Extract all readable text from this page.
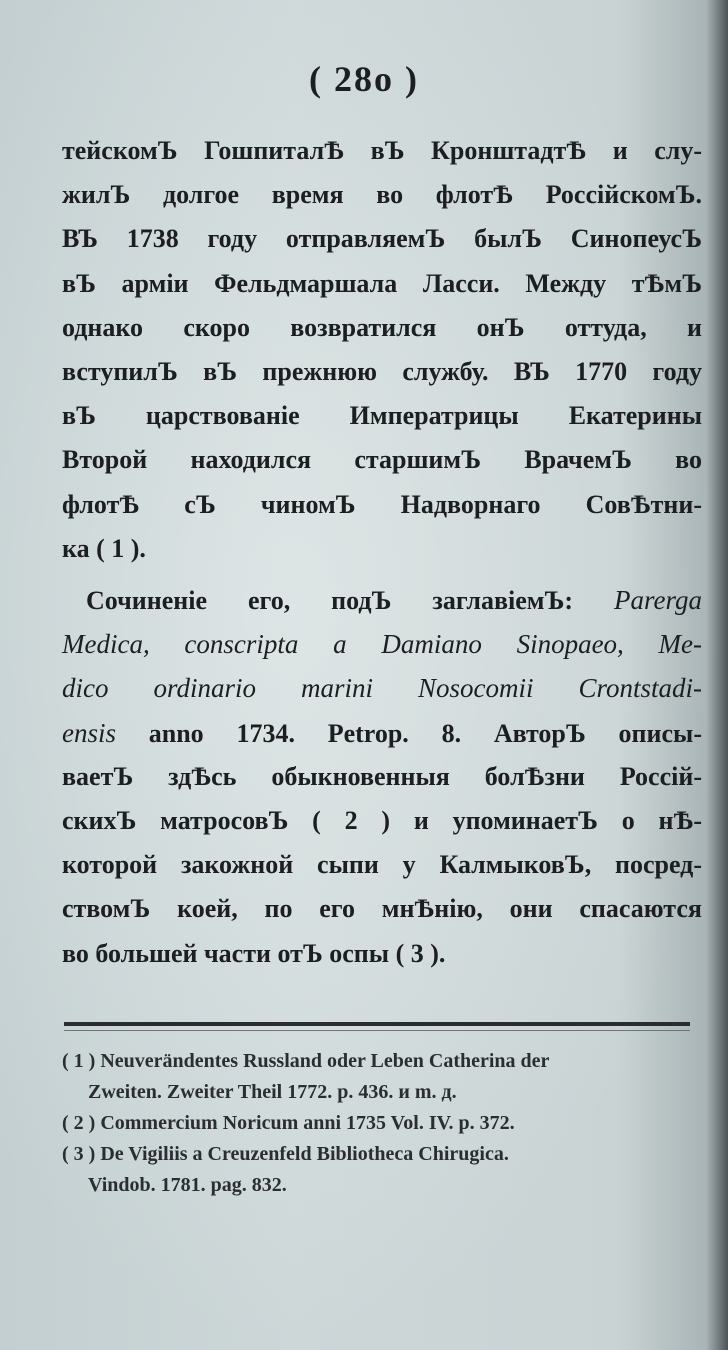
( 28о )
тейскомЪ ГошпиталѢ вЪ КронштадтѢ и слу-
жилЪ долгое время во флотѢ РоссійскомЪ.
ВЪ 1738 году отправляемЪ былЪ СинопеусЪ
вЪ арміи Фельдмаршала Ласси. Между тѢмЪ
однако скоро возвратился онЪ оттуда, и
вступилЪ вЪ прежнюю службу. ВЪ 1770 году
вЪ царствованіе Императрицы Екатерины
Второй находился старшимЪ ВрачемЪ во
флотѢ сЪ чиномЪ Надворнаго СовѢтни-
ка ( 1 ).
Сочиненіе его, подЪ заглавіемЪ: Parerga
Medica, conscripta a Damiano Sinopaeo, Me-
dico ordinario marini Nosocomii Crontstadi-
ensis anno 1734. Petrop. 8. АвторЪ описы-
ваетЪ здѢсь обыкновенныя болѢзни Россій-
скихЪ матросовЪ ( 2 ) и упоминаетЪ о нѢ-
которой закожной сыпи у КалмыковЪ, посред-
ствомЪ коей, по его мнѢнію, они спасаются
во большей части отЪ оспы ( 3 ).
( 1 ) Neuverändentes Russland oder Leben Catherina der
Zweiten. Zweiter Theil 1772. p. 436. и m. д.
( 2 ) Commercium Noricum anni 1735 Vol. IV. p. 372.
( 3 ) De Vigiliis a Creuzenfeld Bibliotheca Chirugica.
Vindob. 1781. pag. 832.
